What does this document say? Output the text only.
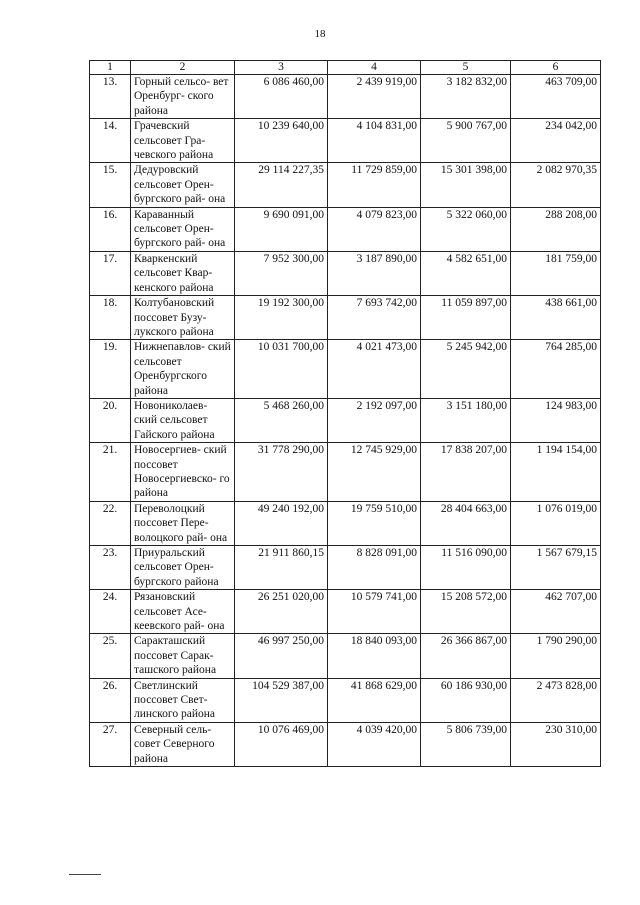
18
1	2	3	4	5	6
13.	Горный сельсо- вет Оренбург- ского района	6 086 460,00	2 439 919,00	3 182 832,00	463 709,00
14.	Грачевский сельсовет Гра- чевского района	10 239 640,00	4 104 831,00	5 900 767,00	234 042,00
15.	Дедуровский сельсовет Орен- бургского рай- она	29 114 227,35	11 729 859,00	15 301 398,00	2 082 970,35
16.	Караванный сельсовет Орен- бургского рай- она	9 690 091,00	4 079 823,00	5 322 060,00	288 208,00
17.	Кваркенский сельсовет Квар- кенского района	7 952 300,00	3 187 890,00	4 582 651,00	181 759,00
18.	Колтубановский поссовет Бузу- лукского района	19 192 300,00	7 693 742,00	11 059 897,00	438 661,00
19.	Нижнепавлов- ский сельсовет Оренбургского района	10 031 700,00	4 021 473,00	5 245 942,00	764 285,00
20.	Новониколаев- ский сельсовет Гайского района	5 468 260,00	2 192 097,00	3 151 180,00	124 983,00
21.	Новосергиев- ский поссовет Новосергиевско- го района	31 778 290,00	12 745 929,00	17 838 207,00	1 194 154,00
22.	Переволоцкий поссовет Пере- волоцкого рай- она	49 240 192,00	19 759 510,00	28 404 663,00	1 076 019,00
23.	Приуральский сельсовет Орен- бургского района	21 911 860,15	8 828 091,00	11 516 090,00	1 567 679,15
24.	Рязановский сельсовет Асе- кеевского рай- она	26 251 020,00	10 579 741,00	15 208 572,00	462 707,00
25.	Саракташский поссовет Сарак- ташского района	46 997 250,00	18 840 093,00	26 366 867,00	1 790 290,00
26.	Светлинский поссовет Свет- линского района	104 529 387,00	41 868 629,00	60 186 930,00	2 473 828,00
27.	Северный сель- совет Северного района	10 076 469,00	4 039 420,00	5 806 739,00	230 310,00
